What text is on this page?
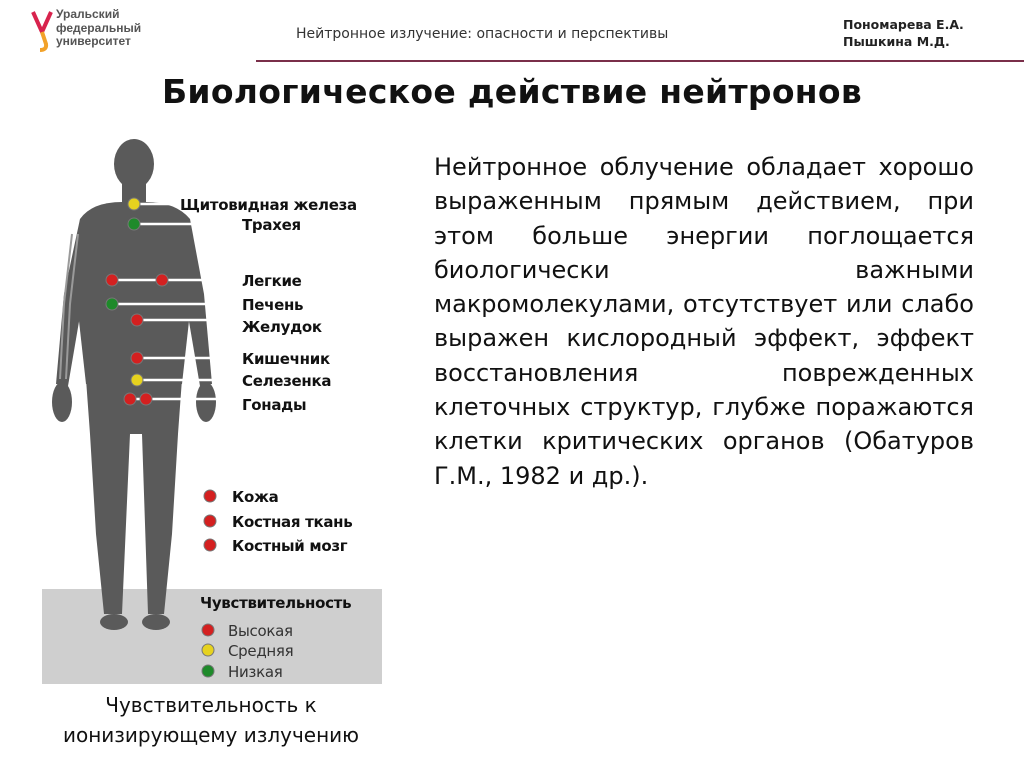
Уральский
федеральный
университет	Нейтронное излучение: опасности и перспективы
Пономарева Е.А.
Пышкина М.Д.
Биологическое действие нейтронов
Щитовидная железа
Трахея
Легкие
Печень
Желудок
Кишечник
Селезенка
Гонады
Кожа
Костная ткань
Костный мозг
Чувствительность
Высокая
Средняя
Низкая
Чувствительность к ионизирующему излучению
Нейтронное облучение обладает хорошо выраженным прямым действием, при этом больше энергии поглощается биологически важными макромолекулами, отсутствует или слабо выражен кислородный эффект, эффект восстановления поврежденных клеточных структур, глубже поражаются клетки критических органов (Обатуров Г.М., 1982 и др.).
